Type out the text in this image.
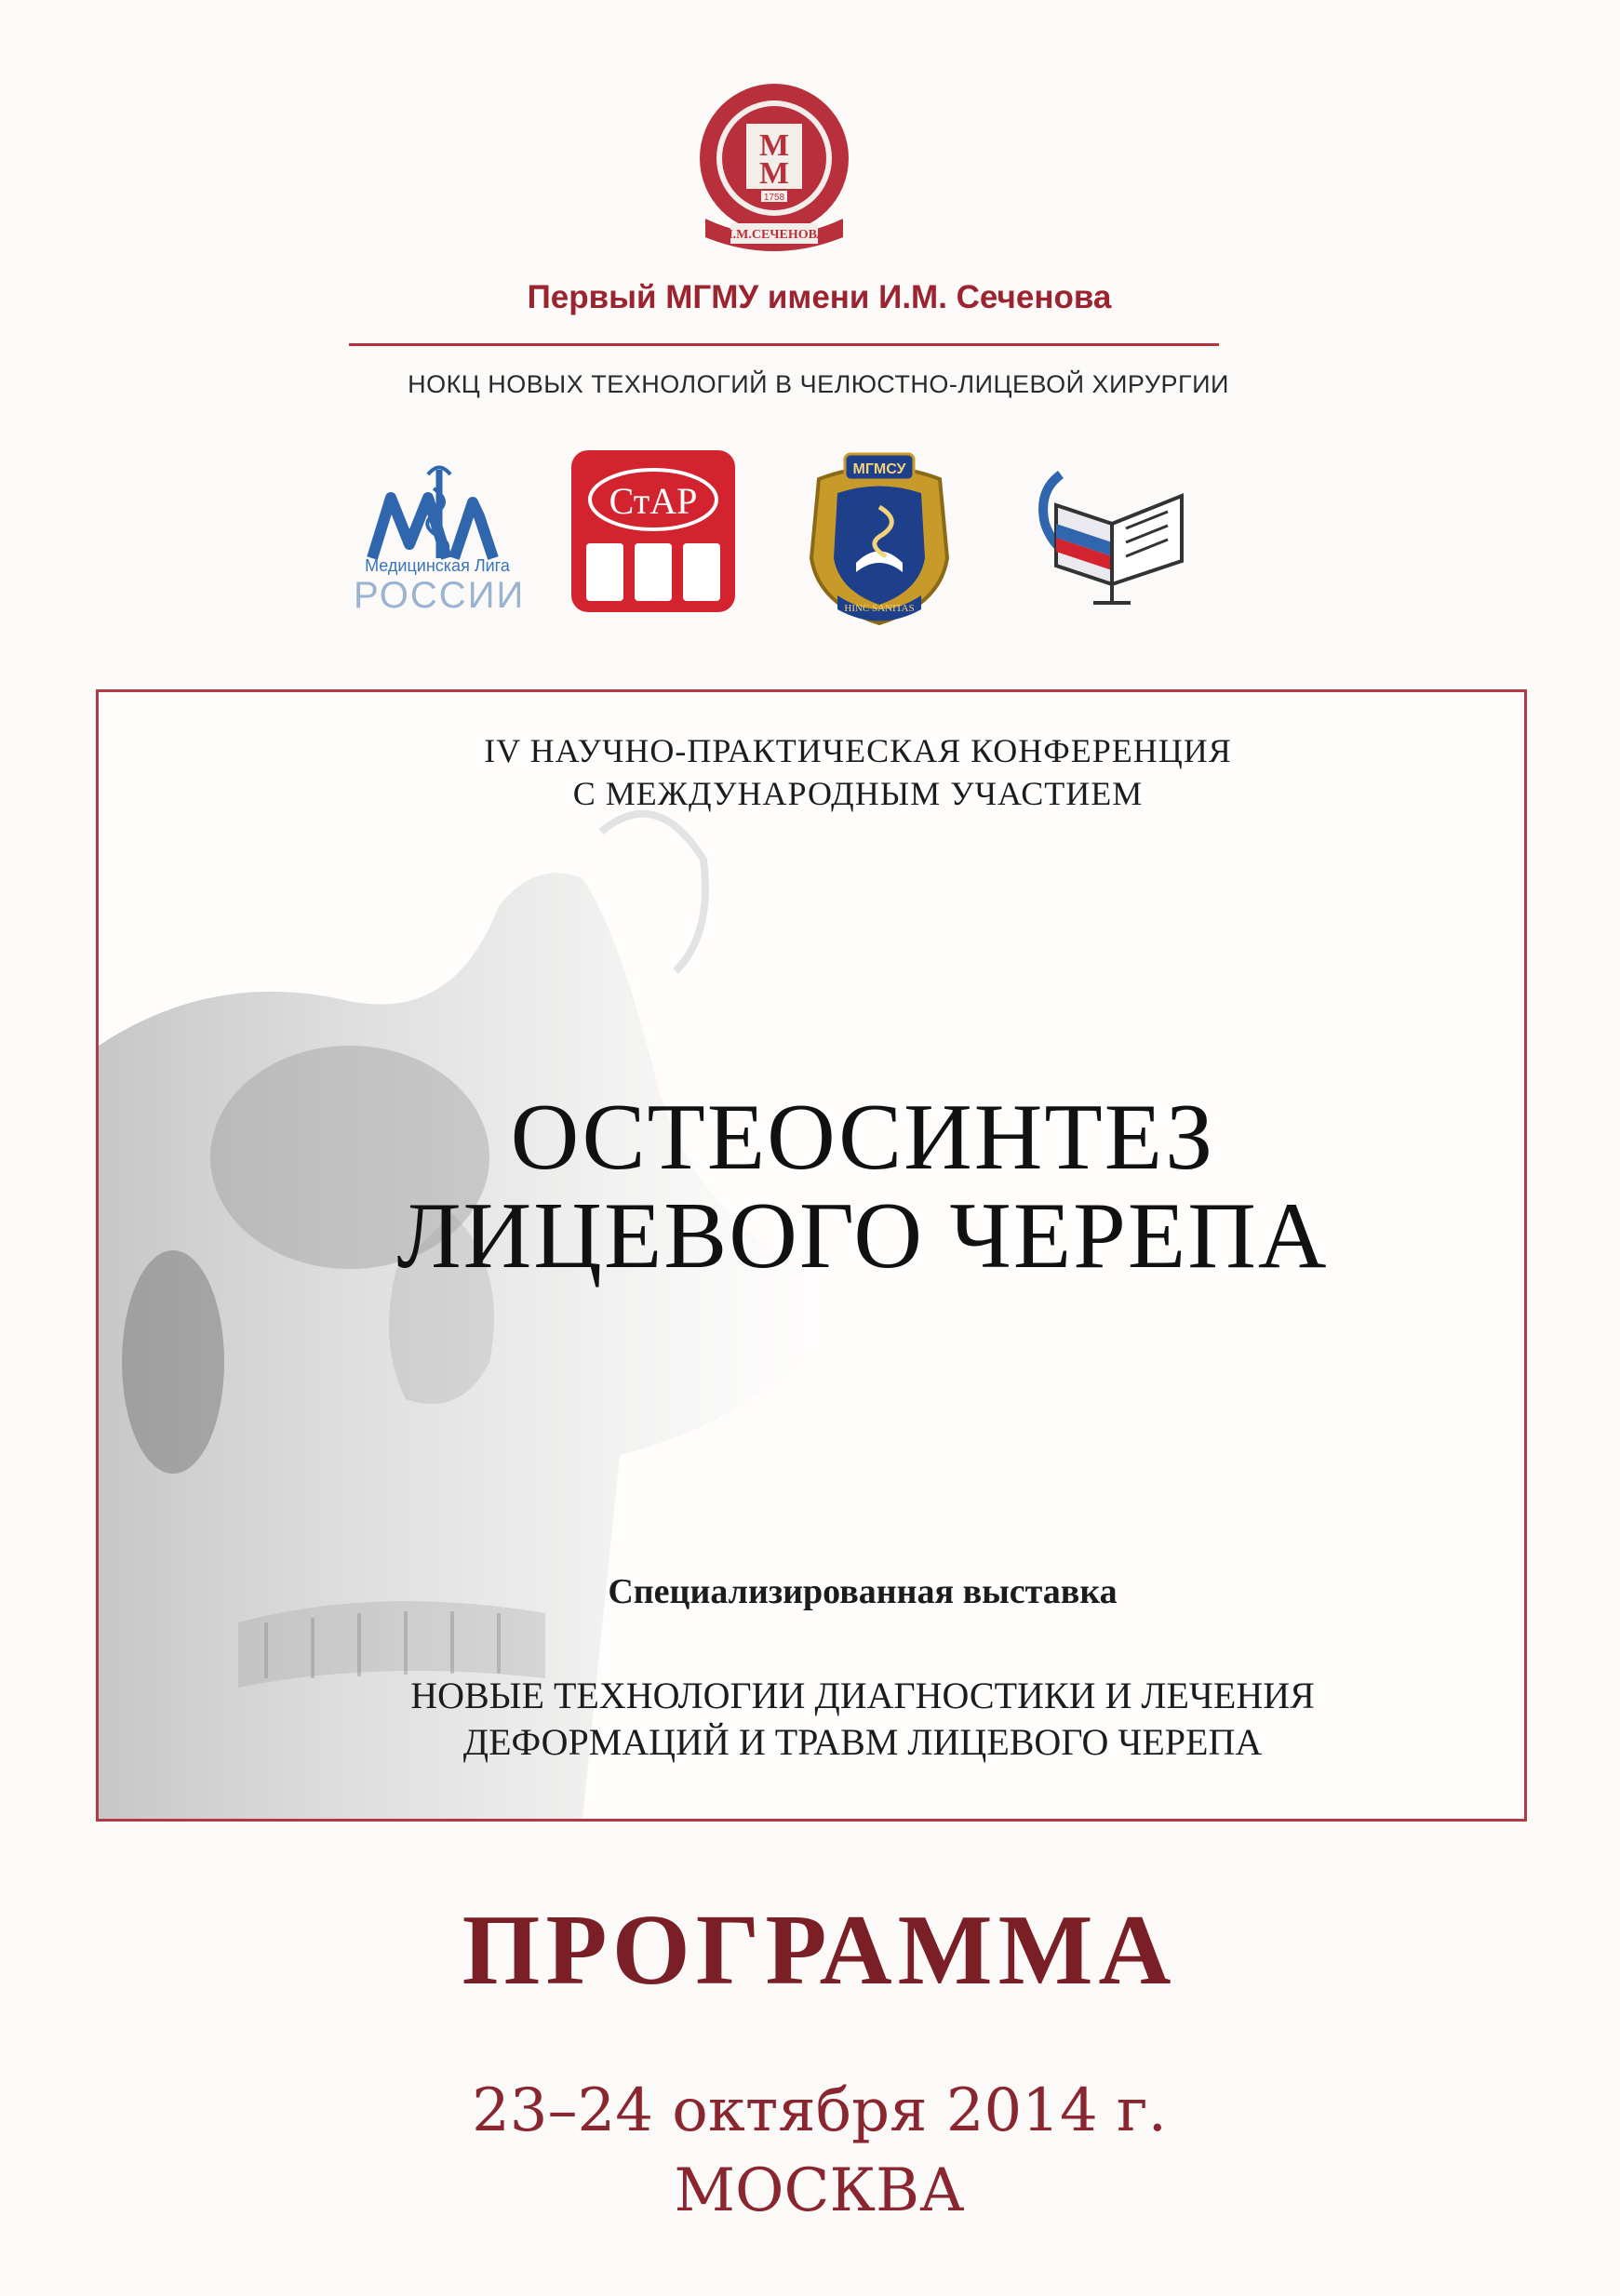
М
М
1758
И.М.СЕЧЕНОВА
Первый МГМУ имени И.М. Сеченова
НОКЦ НОВЫХ ТЕХНОЛОГИЙ В ЧЕЛЮСТНО-ЛИЦЕВОЙ ХИРУРГИИ
Медицинская Лига
РОССИИ
СтАР
МГМСУ
HINC SANITAS
IV НАУЧНО-ПРАКТИЧЕСКАЯ КОНФЕРЕНЦИЯ
С МЕЖДУНАРОДНЫМ УЧАСТИЕМ
ОСТЕОСИНТЕЗ
ЛИЦЕВОГО ЧЕРЕПА
Специализированная выставка
НОВЫЕ ТЕХНОЛОГИИ ДИАГНОСТИКИ И ЛЕЧЕНИЯ
ДЕФОРМАЦИЙ И ТРАВМ ЛИЦЕВОГО ЧЕРЕПА
ПРОГРАММА
23–24 октября 2014 г.
МОСКВА
